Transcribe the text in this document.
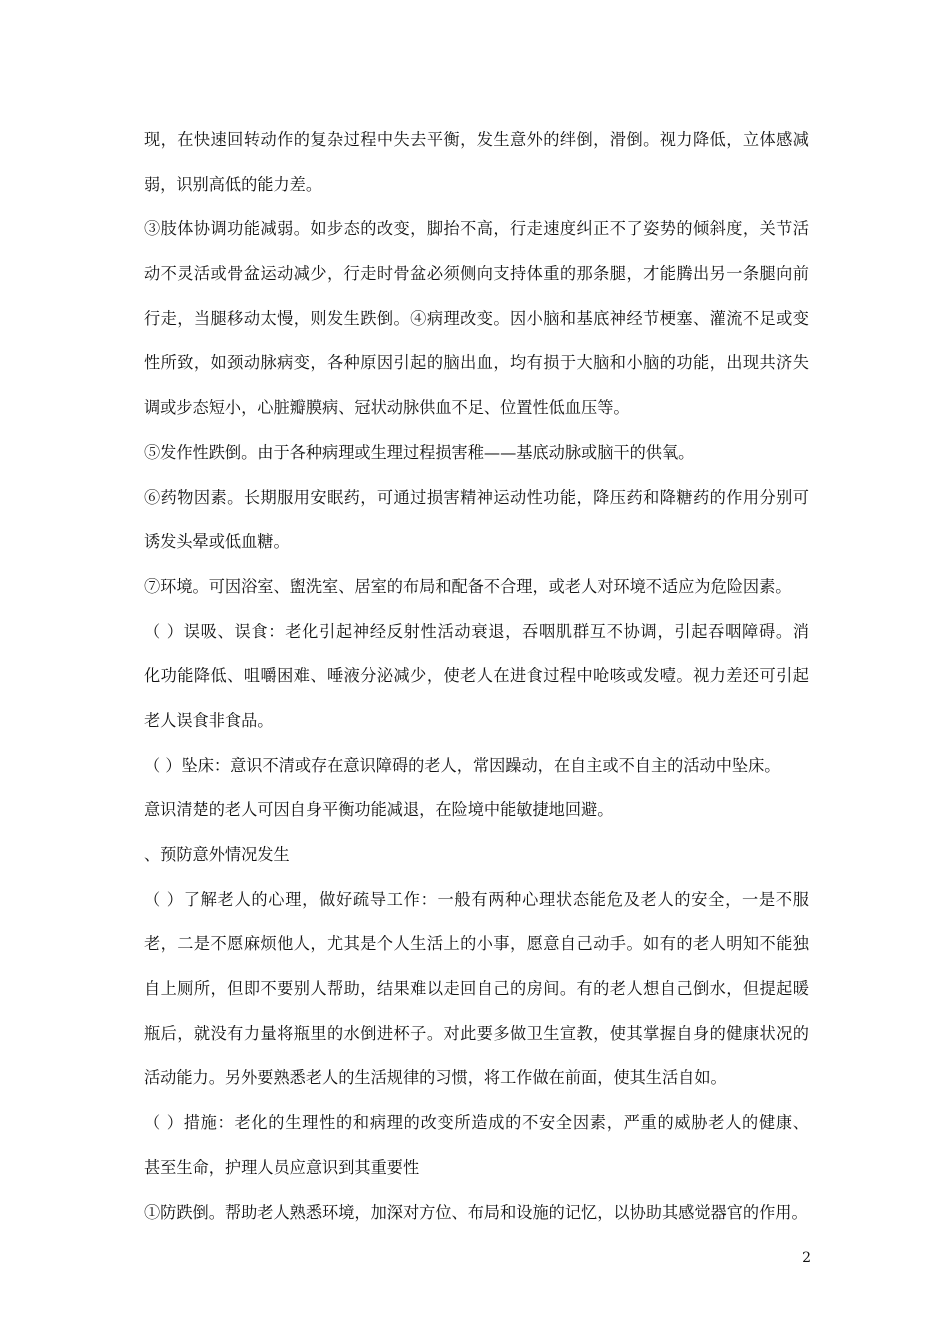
现，在快速回转动作的复杂过程中失去平衡，发生意外的绊倒，滑倒。视力降低，立体感减
弱，识别高低的能力差。
③肢体协调功能减弱。如步态的改变，脚抬不高，行走速度纠正不了姿势的倾斜度，关节活
动不灵活或骨盆运动减少，行走时骨盆必须侧向支持体重的那条腿，才能腾出另一条腿向前
行走，当腿移动太慢，则发生跌倒。④病理改变。因小脑和基底神经节梗塞、灌流不足或变
性所致，如颈动脉病变，各种原因引起的脑出血，均有损于大脑和小脑的功能，出现共济失
调或步态短小，心脏瓣膜病、冠状动脉供血不足、位置性低血压等。
⑤发作性跌倒。由于各种病理或生理过程损害稚——基底动脉或脑干的供氧。
⑥药物因素。长期服用安眠药，可通过损害精神运动性功能，降压药和降糖药的作用分别可
诱发头晕或低血糖。
⑦环境。可因浴室、盥洗室、居室的布局和配备不合理，或老人对环境不适应为危险因素。
（ ）误吸、误食：老化引起神经反射性活动衰退，吞咽肌群互不协调，引起吞咽障碍。消
化功能降低、咀嚼困难、唾液分泌减少，使老人在进食过程中呛咳或发噎。视力差还可引起
老人误食非食品。
（ ）坠床：意识不清或存在意识障碍的老人，常因躁动，在自主或不自主的活动中坠床。
意识清楚的老人可因自身平衡功能减退，在险境中能敏捷地回避。
、预防意外情况发生
（ ）了解老人的心理，做好疏导工作：一般有两种心理状态能危及老人的安全，一是不服
老，二是不愿麻烦他人，尤其是个人生活上的小事，愿意自己动手。如有的老人明知不能独
自上厕所，但即不要别人帮助，结果难以走回自己的房间。有的老人想自己倒水，但提起暖
瓶后，就没有力量将瓶里的水倒进杯子。对此要多做卫生宣教，使其掌握自身的健康状况的
活动能力。另外要熟悉老人的生活规律的习惯，将工作做在前面，使其生活自如。
（ ）措施：老化的生理性的和病理的改变所造成的不安全因素，严重的威胁老人的健康、
甚至生命，护理人员应意识到其重要性
①防跌倒。帮助老人熟悉环境，加深对方位、布局和设施的记忆，以协助其感觉器官的作用。
2
